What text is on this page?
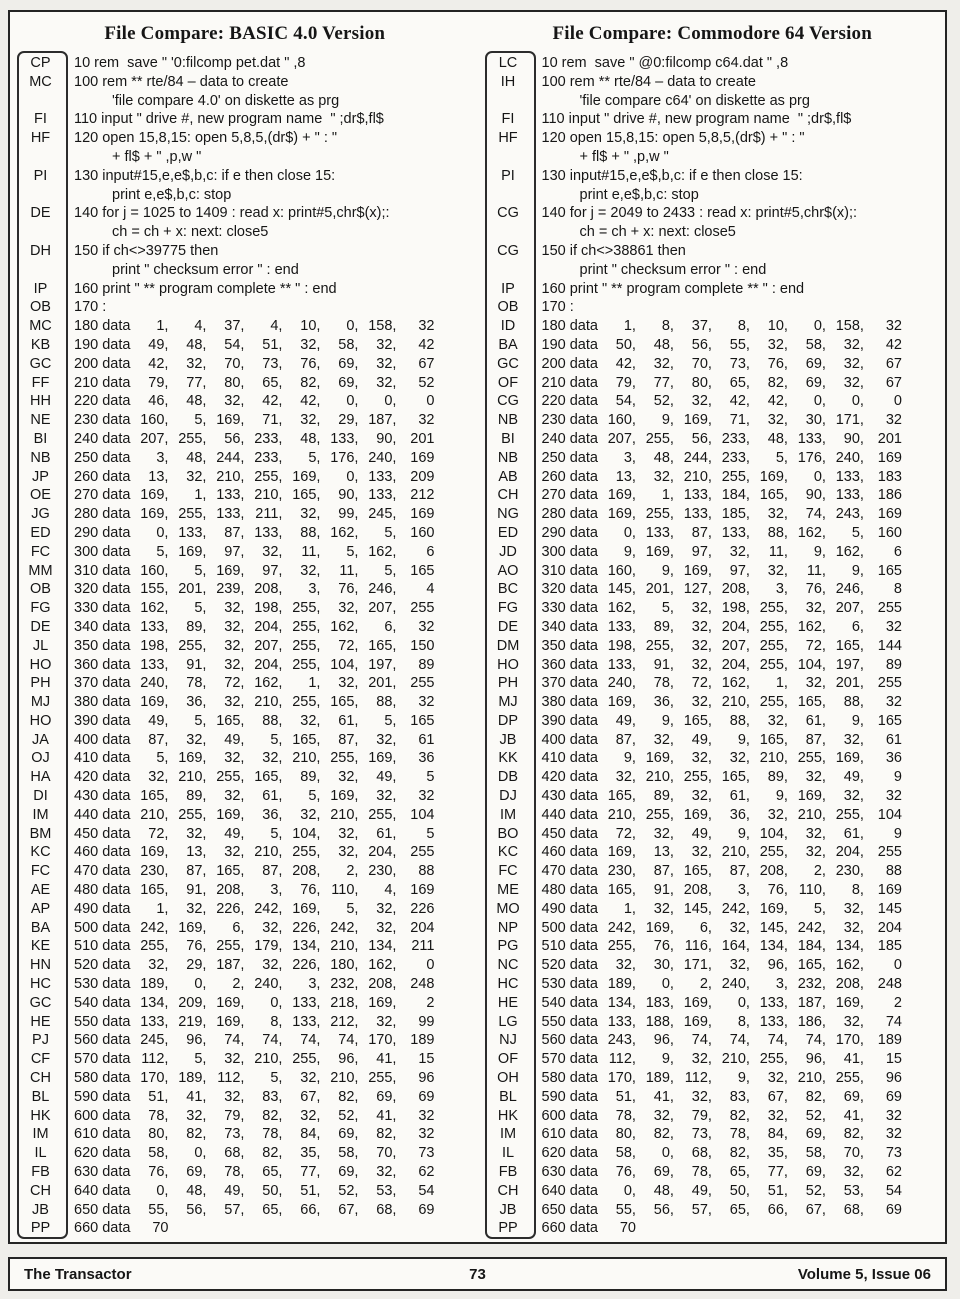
File Compare: BASIC 4.0 Version
CP	10 rem  save " '0:filcomp pet.dat " ,8
MC	100 rem ** rte/84 – data to create
'file compare 4.0' on diskette as prg
FI	110 input " drive #, new program name  " ;dr$,fl$
HF	120 open 15,8,15: open 5,8,5,(dr$) + " : "
+ fl$ + " ,p,w "
PI	130 input#15,e,e$,b,c: if e then close 15:
print e,e$,b,c: stop
DE	140 for j = 1025 to 1409 : read x: print#5,chr$(x);:
ch = ch + x: next: close5
DH	150 if ch<>39775 then
print " checksum error " : end
IP	160 print " ** program complete ** " : end
OB	170 :
MC	180 data	1,	4,	37,	4,	10,	0, 158,	32
KB	190 data	49,	48,	54,	51,	32,	58,	32,	42
GC	200 data	42,	32,	70,	73,	76,	69,	32,	67
FF	210 data	79,	77,	80,	65,	82,	69,	32,	52
HH	220 data	46,	48,	32,	42,	42,	0,	0,	0
NE	230 data 160,	5, 169,	71,	32,	29, 187,	32
BI	240 data 207, 255,	56, 233,	48, 133,	90, 201
NB	250 data	3,	48, 244, 233,	5, 176, 240, 169
JP	260 data	13,	32, 210, 255, 169,	0, 133, 209
OE	270 data 169,	1, 133, 210, 165,	90, 133, 212
JG	280 data 169, 255, 133, 211,	32,	99, 245, 169
ED	290 data	0, 133,	87, 133,	88, 162,	5, 160
FC	300 data	5, 169,	97,	32,	11,	5, 162,	6
MM	310 data 160,	5, 169,	97,	32,	11,	5, 165
OB	320 data 155, 201, 239, 208,	3,	76, 246,	4
FG	330 data 162,	5,	32, 198, 255,	32, 207, 255
DE	340 data 133,	89,	32, 204, 255, 162,	6,	32
JL	350 data 198, 255,	32, 207, 255,	72, 165, 150
HO	360 data 133,	91,	32, 204, 255, 104, 197,	89
PH	370 data 240,	78,	72, 162,	1,	32, 201, 255
MJ	380 data 169,	36,	32, 210, 255, 165,	88,	32
HO	390 data	49,	5, 165,	88,	32,	61,	5, 165
JA	400 data	87,	32,	49,	5, 165,	87,	32,	61
OJ	410 data	5, 169,	32,	32, 210, 255, 169,	36
HA	420 data	32, 210, 255, 165,	89,	32,	49,	5
DI	430 data 165,	89,	32,	61,	5, 169,	32,	32
IM	440 data 210, 255, 169,	36,	32, 210, 255, 104
BM	450 data	72,	32,	49,	5, 104,	32,	61,	5
KC	460 data 169,	13,	32, 210, 255,	32, 204, 255
FC	470 data 230,	87, 165,	87, 208,	2, 230,	88
AE	480 data 165,	91, 208,	3,	76, 110,	4, 169
AP	490 data	1,	32, 226, 242, 169,	5,	32, 226
BA	500 data 242, 169,	6,	32, 226, 242,	32, 204
KE	510 data 255,	76, 255, 179, 134, 210, 134,	211
HN	520 data	32,	29, 187,	32, 226, 180, 162,	0
HC	530 data 189,	0,	2, 240,	3, 232, 208, 248
GC	540 data 134, 209, 169,	0, 133, 218, 169,	2
HE	550 data 133, 219, 169,	8, 133, 212,	32,	99
PJ	560 data 245,	96,	74,	74,	74,	74, 170, 189
CF	570 data 112,	5,	32, 210, 255,	96,	41,	15
CH	580 data 170, 189, 112,	5,	32, 210, 255,	96
BL	590 data	51,	41,	32,	83,	67,	82,	69,	69
HK	600 data	78,	32,	79,	82,	32,	52,	41,	32
IM	610 data	80,	82,	73,	78,	84,	69,	82,	32
IL	620 data	58,	0,	68,	82,	35,	58,	70,	73
FB	630 data	76,	69,	78,	65,	77,	69,	32,	62
CH	640 data	0,	48,	49,	50,	51,	52,	53,	54
JB	650 data	55,	56,	57,	65,	66,	67,	68,	69
PP	660 data	70
File Compare: Commodore 64 Version
LC	10 rem  save " @0:filcomp c64.dat " ,8
IH	100 rem ** rte/84 – data to create
'file compare c64' on diskette as prg
FI	110 input " drive #, new program name  " ;dr$,fl$
HF	120 open 15,8,15: open 5,8,5,(dr$) + " : "
+ fl$ + " ,p,w "
PI	130 input#15,e,e$,b,c: if e then close 15:
print e,e$,b,c: stop
CG	140 for j = 2049 to 2433 : read x: print#5,chr$(x);:
ch = ch + x: next: close5
CG	150 if ch<>38861 then
print " checksum error " : end
IP	160 print " ** program complete ** " : end
OB	170 :
ID	180 data	1,	8,	37,	8,	10,	0, 158,	32
BA	190 data	50,	48,	56,	55,	32,	58,	32,	42
GC	200 data	42,	32,	70,	73,	76,	69,	32,	67
OF	210 data	79,	77,	80,	65,	82,	69,	32,	67
CG	220 data	54,	52,	32,	42,	42,	0,	0,	0
NB	230 data 160,	9, 169,	71,	32,	30, 171,	32
BI	240 data 207, 255,	56, 233,	48, 133,	90, 201
NB	250 data	3,	48, 244, 233,	5, 176, 240, 169
AB	260 data	13,	32, 210, 255, 169,	0, 133, 183
CH	270 data 169,	1, 133, 184, 165,	90, 133, 186
NG	280 data 169, 255, 133, 185,	32,	74, 243, 169
ED	290 data	0, 133,	87, 133,	88, 162,	5, 160
JD	300 data	9, 169,	97,	32,	11,	9, 162,	6
AO	310 data 160,	9, 169,	97,	32,	11,	9, 165
BC	320 data 145, 201, 127, 208,	3,	76, 246,	8
FG	330 data 162,	5,	32, 198, 255,	32, 207, 255
DE	340 data 133,	89,	32, 204, 255, 162,	6,	32
DM	350 data 198, 255,	32, 207, 255,	72, 165, 144
HO	360 data 133,	91,	32, 204, 255, 104, 197,	89
PH	370 data 240,	78,	72, 162,	1,	32, 201, 255
MJ	380 data 169,	36,	32, 210, 255, 165,	88,	32
DP	390 data	49,	9, 165,	88,	32,	61,	9, 165
JB	400 data	87,	32,	49,	9, 165,	87,	32,	61
KK	410 data	9, 169,	32,	32, 210, 255, 169,	36
DB	420 data	32, 210, 255, 165,	89,	32,	49,	9
DJ	430 data 165,	89,	32,	61,	9, 169,	32,	32
IM	440 data 210, 255, 169,	36,	32, 210, 255, 104
BO	450 data	72,	32,	49,	9, 104,	32,	61,	9
KC	460 data 169,	13,	32, 210, 255,	32, 204, 255
FC	470 data 230,	87, 165,	87, 208,	2, 230,	88
ME	480 data 165,	91, 208,	3,	76, 110,	8, 169
MO	490 data	1,	32, 145, 242, 169,	5,	32, 145
NP	500 data 242, 169,	6,	32, 145, 242,	32, 204
PG	510 data 255,	76, 116, 164, 134, 184, 134, 185
NC	520 data	32,	30, 171,	32,	96, 165, 162,	0
HC	530 data 189,	0,	2, 240,	3, 232, 208, 248
HE	540 data 134, 183, 169,	0, 133, 187, 169,	2
LG	550 data 133, 188, 169,	8, 133, 186,	32,	74
NJ	560 data 243,	96,	74,	74,	74,	74, 170, 189
OF	570 data 112,	9,	32, 210, 255,	96,	41,	15
OH	580 data 170, 189, 112,	9,	32, 210, 255,	96
BL	590 data	51,	41,	32,	83,	67,	82,	69,	69
HK	600 data	78,	32,	79,	82,	32,	52,	41,	32
IM	610 data	80,	82,	73,	78,	84,	69,	82,	32
IL	620 data	58,	0,	68,	82,	35,	58,	70,	73
FB	630 data	76,	69,	78,	65,	77,	69,	32,	62
CH	640 data	0,	48,	49,	50,	51,	52,	53,	54
JB	650 data	55,	56,	57,	65,	66,	67,	68,	69
PP	660 data	70
The Transactor	73	Volume 5, Issue 06
